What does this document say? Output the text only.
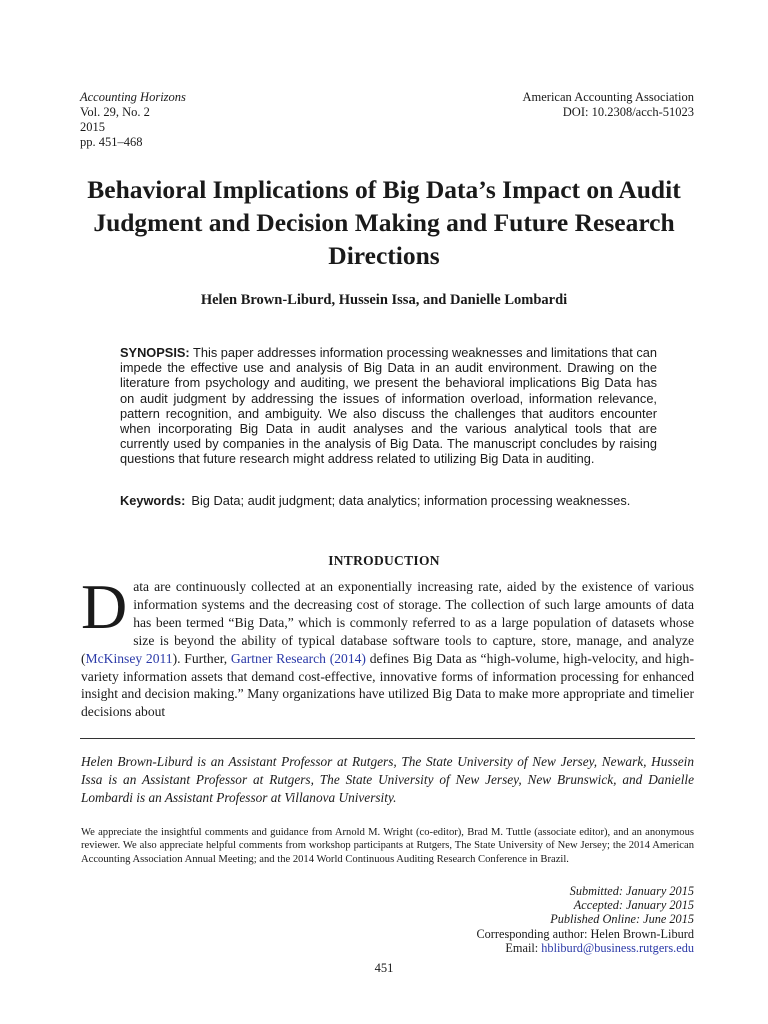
Accounting Horizons
Vol. 29, No. 2
2015
pp. 451–468
American Accounting Association
DOI: 10.2308/acch-51023
Behavioral Implications of Big Data’s Impact on Audit Judgment and Decision Making and Future Research Directions
Helen Brown-Liburd, Hussein Issa, and Danielle Lombardi
SYNOPSIS: This paper addresses information processing weaknesses and limitations that can impede the effective use and analysis of Big Data in an audit environment. Drawing on the literature from psychology and auditing, we present the behavioral implications Big Data has on audit judgment by addressing the issues of information overload, information relevance, pattern recognition, and ambiguity. We also discuss the challenges that auditors encounter when incorporating Big Data in audit analyses and the various analytical tools that are currently used by companies in the analysis of Big Data. The manuscript concludes by raising questions that future research might address related to utilizing Big Data in auditing.
Keywords: Big Data; audit judgment; data analytics; information processing weaknesses.
INTRODUCTION
Data are continuously collected at an exponentially increasing rate, aided by the existence of various information systems and the decreasing cost of storage. The collection of such large amounts of data has been termed “Big Data,” which is commonly referred to as a large population of datasets whose size is beyond the ability of typical database software tools to capture, store, manage, and analyze (McKinsey 2011). Further, Gartner Research (2014) defines Big Data as “high-volume, high-velocity, and high-variety information assets that demand cost-effective, innovative forms of information processing for enhanced insight and decision making.” Many organizations have utilized Big Data to make more appropriate and timelier decisions about
Helen Brown-Liburd is an Assistant Professor at Rutgers, The State University of New Jersey, Newark, Hussein Issa is an Assistant Professor at Rutgers, The State University of New Jersey, New Brunswick, and Danielle Lombardi is an Assistant Professor at Villanova University.
We appreciate the insightful comments and guidance from Arnold M. Wright (co-editor), Brad M. Tuttle (associate editor), and an anonymous reviewer. We also appreciate helpful comments from workshop participants at Rutgers, The State University of New Jersey; the 2014 American Accounting Association Annual Meeting; and the 2014 World Continuous Auditing Research Conference in Brazil.
Submitted: January 2015
Accepted: January 2015
Published Online: June 2015
Corresponding author: Helen Brown-Liburd
Email: hbliburd@business.rutgers.edu
451
